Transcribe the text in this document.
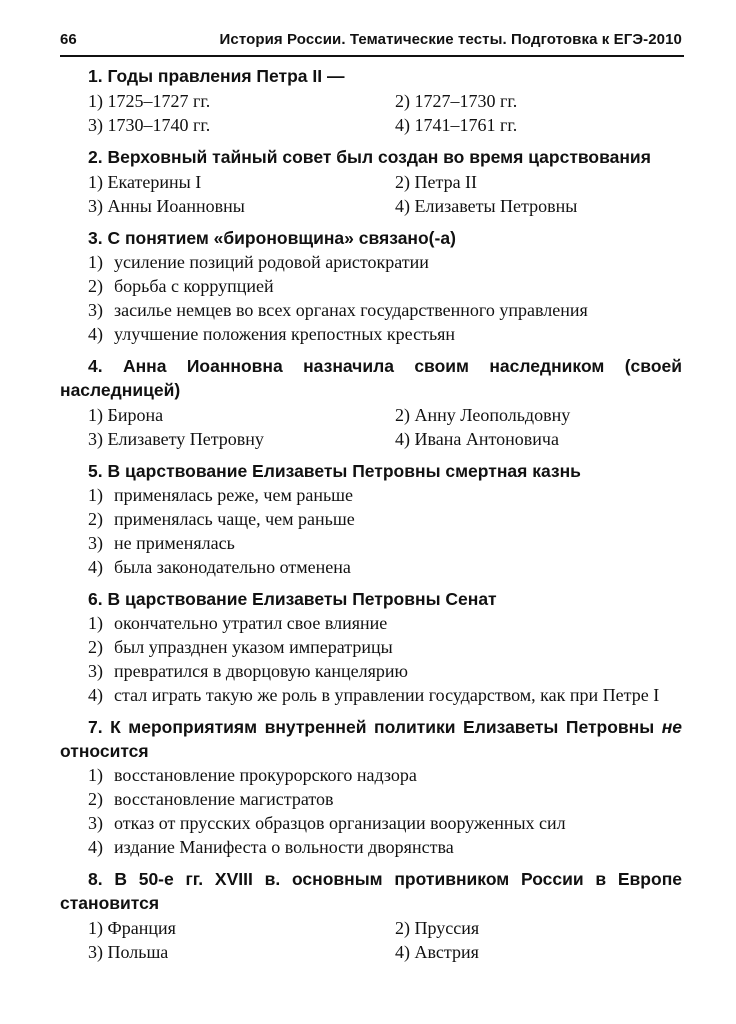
66	История России. Тематические тесты. Подготовка к ЕГЭ-2010
1. Годы правления Петра II —
1) 1725–1727 гг.	2) 1727–1730 гг.
3) 1730–1740 гг.	4) 1741–1761 гг.
2. Верховный тайный совет был создан во время царствования
1) Екатерины I	2) Петра II
3) Анны Иоанновны	4) Елизаветы Петровны
3. С понятием «бироновщина» связано(-а)
1) усиление позиций родовой аристократии
2) борьба с коррупцией
3) засилье немцев во всех органах государственного управления
4) улучшение положения крепостных крестьян
4. Анна Иоанновна назначила своим наследником (своей наследницей)
1) Бирона	2) Анну Леопольдовну
3) Елизавету Петровну	4) Ивана Антоновича
5. В царствование Елизаветы Петровны смертная казнь
1) применялась реже, чем раньше
2) применялась чаще, чем раньше
3) не применялась
4) была законодательно отменена
6. В царствование Елизаветы Петровны Сенат
1) окончательно утратил свое влияние
2) был упразднен указом императрицы
3) превратился в дворцовую канцелярию
4) стал играть такую же роль в управлении государством, как при Петре I
7. К мероприятиям внутренней политики Елизаветы Петровны не относится
1) восстановление прокурорского надзора
2) восстановление магистратов
3) отказ от прусских образцов организации вооруженных сил
4) издание Манифеста о вольности дворянства
8. В 50-е гг. XVIII в. основным противником России в Европе становится
1) Франция	2) Пруссия
3) Польша	4) Австрия
